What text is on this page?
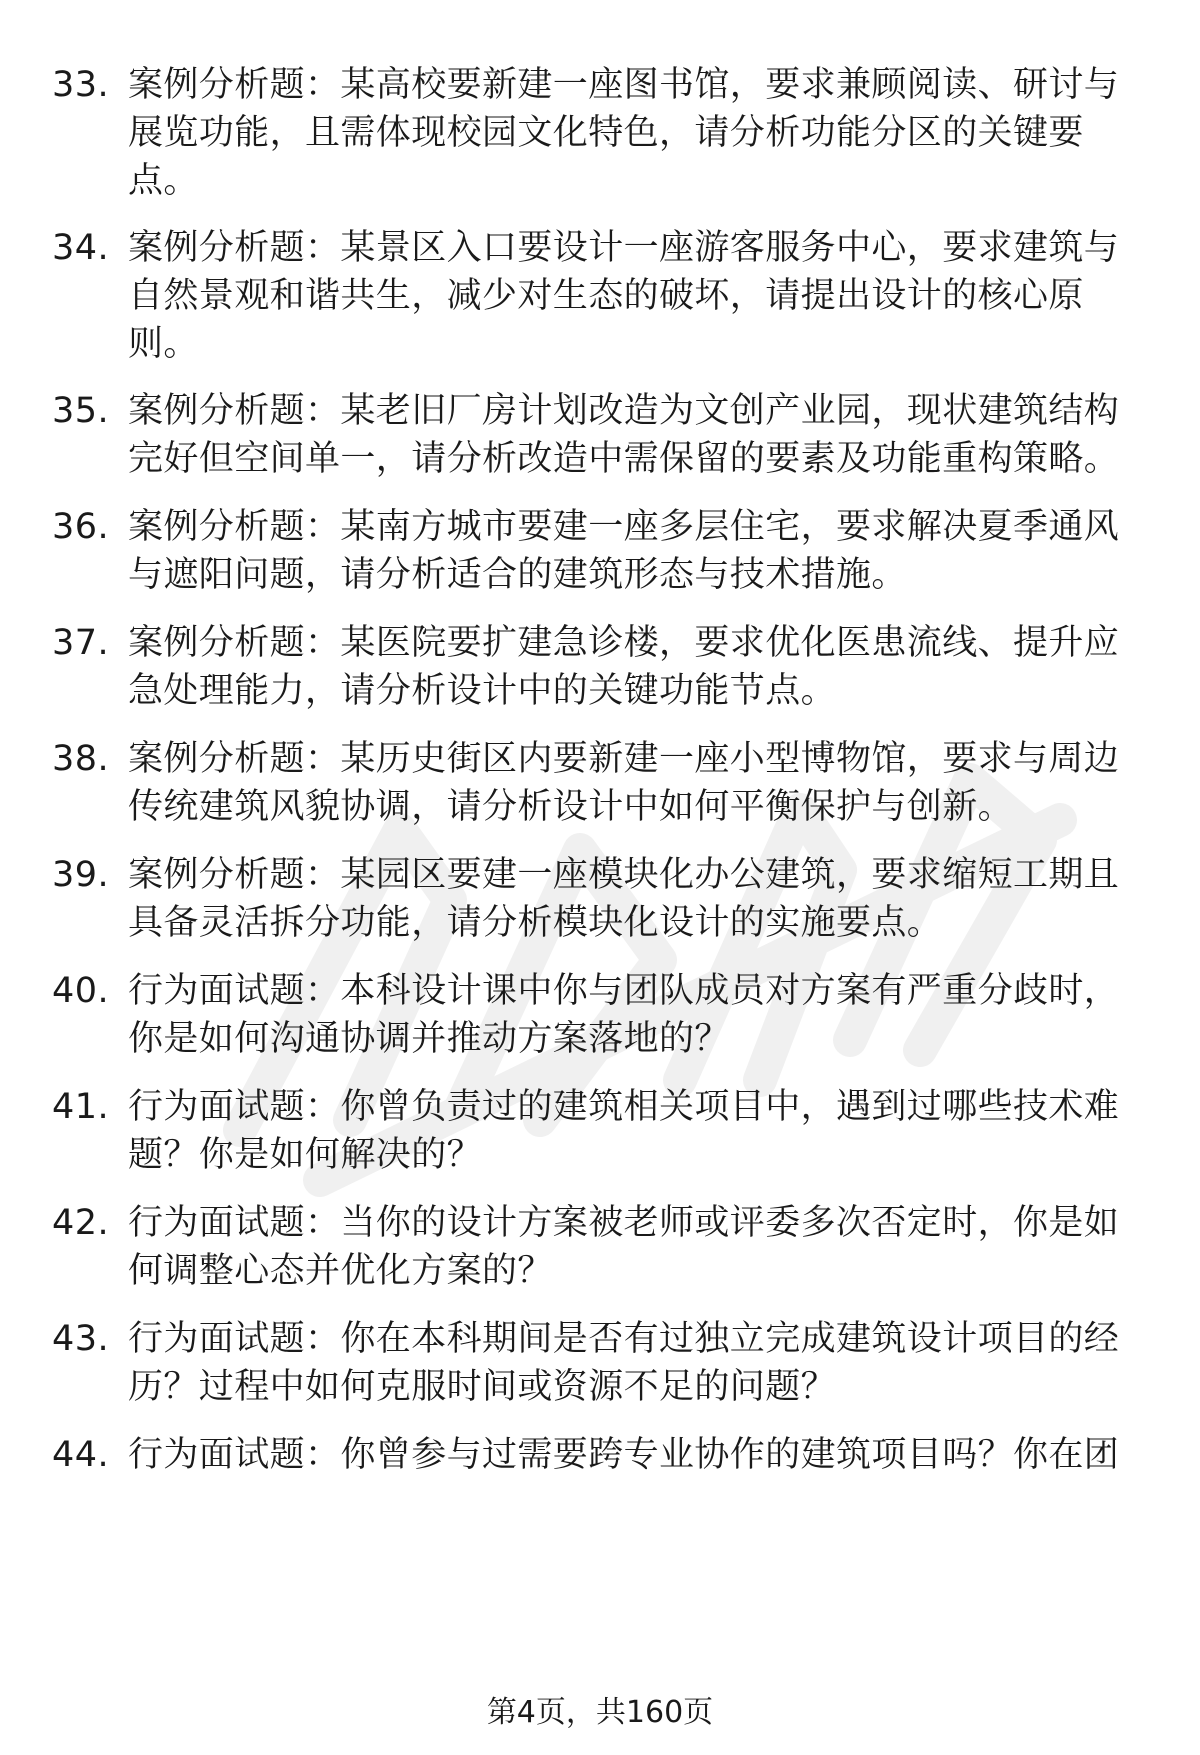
33. 案例分析题：某高校要新建一座图书馆，要求兼顾阅读、研讨与展览功能，且需体现校园文化特色，请分析功能分区的关键要点。
34. 案例分析题：某景区入口要设计一座游客服务中心，要求建筑与自然景观和谐共生，减少对生态的破坏，请提出设计的核心原则。
35. 案例分析题：某老旧厂房计划改造为文创产业园，现状建筑结构完好但空间单一，请分析改造中需保留的要素及功能重构策略。
36. 案例分析题：某南方城市要建一座多层住宅，要求解决夏季通风与遮阳问题，请分析适合的建筑形态与技术措施。
37. 案例分析题：某医院要扩建急诊楼，要求优化医患流线、提升应急处理能力，请分析设计中的关键功能节点。
38. 案例分析题：某历史街区内要新建一座小型博物馆，要求与周边传统建筑风貌协调，请分析设计中如何平衡保护与创新。
39. 案例分析题：某园区要建一座模块化办公建筑，要求缩短工期且具备灵活拆分功能，请分析模块化设计的实施要点。
40. 行为面试题：本科设计课中你与团队成员对方案有严重分歧时，你是如何沟通协调并推动方案落地的？
41. 行为面试题：你曾负责过的建筑相关项目中，遇到过哪些技术难题？你是如何解决的？
42. 行为面试题：当你的设计方案被老师或评委多次否定时，你是如何调整心态并优化方案的？
43. 行为面试题：你在本科期间是否有过独立完成建筑设计项目的经历？过程中如何克服时间或资源不足的问题？
44. 行为面试题：你曾参与过需要跨专业协作的建筑项目吗？你在团
第4页，共160页
